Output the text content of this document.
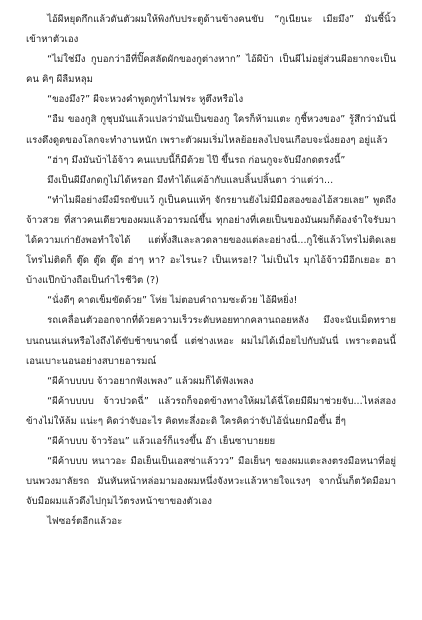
ไอ้ผีหยุดกึกแล้วดันตัวผมให้พิงกับประตูด้านข้างคนขับ “กูเนียนะ เมียมึง” มันชี้นิ้วเข้าหาตัวเอง

“ไม่ใช่มึง กูบอกว่าอีที่ปิ๊คสลัดผักของกูต่างหาก” ไอ้ผีบ้า เป็นผีไม่อยู่ส่วนผีอยากจะเป็นคน คิๆ ผีลืมหลุม

“ของมึง?” ผีจะหวงคำพูดกูทำไมฟระ หูตึงหรือไง

“อืม ของกูสิ กูชุบมันแล้วแปลว่ามันเป็นของกู ใครก็ห้ามแตะ กูชี้หวงของ” รู้สึกว่ามันนี่แรงดึงดูดของโลกจะทำงานหนัก เพราะตัวผมเริ่มไหลย้อยลงไปจนเกือบจะนั่งยองๆ อยู่แล้ว

“ฮ่าๆ มึงมันบ้าไอ้จ้าว คนแบบนี้ก็มีด้วย ไป๊ ขึ้นรถ ก่อนกูจะจับมึงกดตรงนี้”

มึงเป็นผีมึงกดกูไม่ได้หรอก มึงทำได้แค่อ้ากับแลบลิ้นปลิ้นตา ว่าแต่ว่า...

“ทำไมผีอย่างมึงมีรถขับแว้ กูเป็นคนแท้ๆ จักรยานยังไม่มีมือสองของไอ้สวยเลย” พูดถึงจ้าวสวย ที่สาวคนเดียวของผมแล้วอารมณ์ขึ้น ทุกอย่างที่เคยเป็นของมันผมก็ต้องจำใจรับมา ได้ความเก่ายังพอทำใจได้ แต่ทั้งสีและลวดลายของแต่ละอย่างนี่...กูใช้แล้วโทรไม่ติดเลย โทรไม่ติดก็ ตู๊ด ตู๊ด ตู๊ด ฮ่าๆ หา? อะไรนะ? เป็นเหรอ!? ไม่เป็นไร มุกไอ้จ้าวมีอีกเยอะ ฮาบ้างแป๊กบ้างถือเป็นกำไรชีวิต (?)

“นั่งดีๆ คาดเข็มขัดด้วย” โห่ย ไม่ตอบคำถามซะด้วย ไอ้ผีหยิ่ง!

รถเคลื่อนตัวออกจากที่ด้วยความเร็วระดับหอยทากคลานถอยหลัง มึงจะนับเม็ดทรายบนถนนเล่นหรือไงถึงได้ขับช้าขนาดนี้ แต่ช่างเหอะ ผมไม่ได้เมื่อยไปกับมันนี่ เพราะตอนนี้เอนเบาะนอนอย่างสบายอารมณ์

“ผีค้าบบบบ จ้าวอยากฟังเพลง” แล้วผมก็ได้ฟังเพลง

“ผีค้าบบบบ จ้าวปวดฉี่” แล้วรถก็จอดข้างทางให้ผมได้ฉี่โดยมีผีมาช่วยจับ...ไหล่สองข้างไม่ให้ล้ม แน่ะๆ คิดว่าจับอะไร คิดทะลึ่งอะดิ ใครคิดว่าจับไอ้นั่นยกมือขึ้น ฮี่ๆ

“ผีค้าบบบ จ้าวร้อน” แล้วแอร์ก็แรงขึ้น อ๊า เย็นซาบายยย

“ผีค้าบบบ หนาวอะ มือเย็นเป็นเอสซ่าแล้ววว” มือเย็นๆ ของผมแตะลงตรงมือหนาที่อยู่บนพวงมาลัยรถ มันหันหน้าหล่อมามองผมหนึ่งจังหวะแล้วหายใจแรงๆ จากนั้นก็ตวัดมือมาจับมือผมแล้วดึงไปกุมไว้ตรงหน้าขาของตัวเอง

ไฟซอร์ตอีกแล้วอะ
